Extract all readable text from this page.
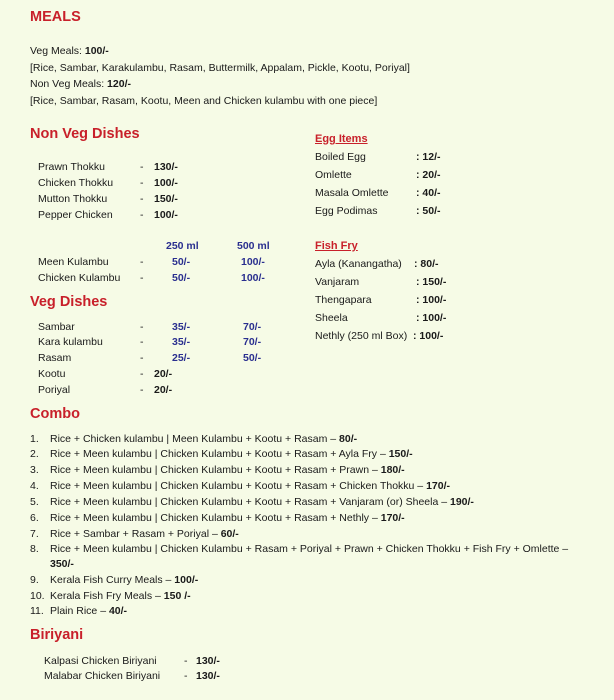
MEALS
Veg Meals: 100/-
[Rice, Sambar, Karakulambu, Rasam, Buttermilk, Appalam, Pickle, Kootu, Poriyal]
Non Veg Meals: 120/-
[Rice, Sambar, Rasam, Kootu, Meen and Chicken kulambu with one piece]
Non Veg Dishes
Prawn Thokku	- 130/-
Chicken Thokku	- 100/-
Mutton Thokku	- 150/-
Pepper Chicken	- 100/-
250 ml	500 ml
Meen Kulambu	-	50/-	100/-
Chicken Kulambu -	50/-	100/-
Veg Dishes
Sambar	-	35/-	70/-
Kara kulambu	-	35/-	70/-
Rasam	-	25/-	50/-
Kootu	- 20/-
Poriyal	- 20/-
Egg Items
Boiled Egg	: 12/-
Omlette	: 20/-
Masala Omlette	: 40/-
Egg Podimas	: 50/-
Fish Fry
Ayla (Kanangatha) : 80/-
Vanjaram	: 150/-
Thengapara	: 100/-
Sheela	: 100/-
Nethly (250 ml Box) : 100/-
Combo
1. Rice + Chicken kulambu | Meen Kulambu + Kootu + Rasam – 80/-
2. Rice + Meen kulambu | Chicken Kulambu + Kootu + Rasam + Ayla Fry – 150/-
3. Rice + Meen kulambu | Chicken Kulambu + Kootu + Rasam + Prawn – 180/-
4. Rice + Meen kulambu | Chicken Kulambu + Kootu + Rasam + Chicken Thokku – 170/-
5. Rice + Meen kulambu | Chicken Kulambu + Kootu + Rasam + Vanjaram (or) Sheela – 190/-
6. Rice + Meen kulambu | Chicken Kulambu + Kootu + Rasam + Nethly – 170/-
7. Rice + Sambar + Rasam + Poriyal – 60/-
8. Rice + Meen kulambu | Chicken Kulambu + Rasam + Poriyal + Prawn + Chicken Thokku + Fish Fry + Omlette –
350/-
9. Kerala Fish Curry Meals – 100/-
10. Kerala Fish Fry Meals – 150 /-
11. Plain Rice – 40/-
Biriyani
Kalpasi Chicken Biriyani	- 130/-
Malabar Chicken Biriyani - 130/-
